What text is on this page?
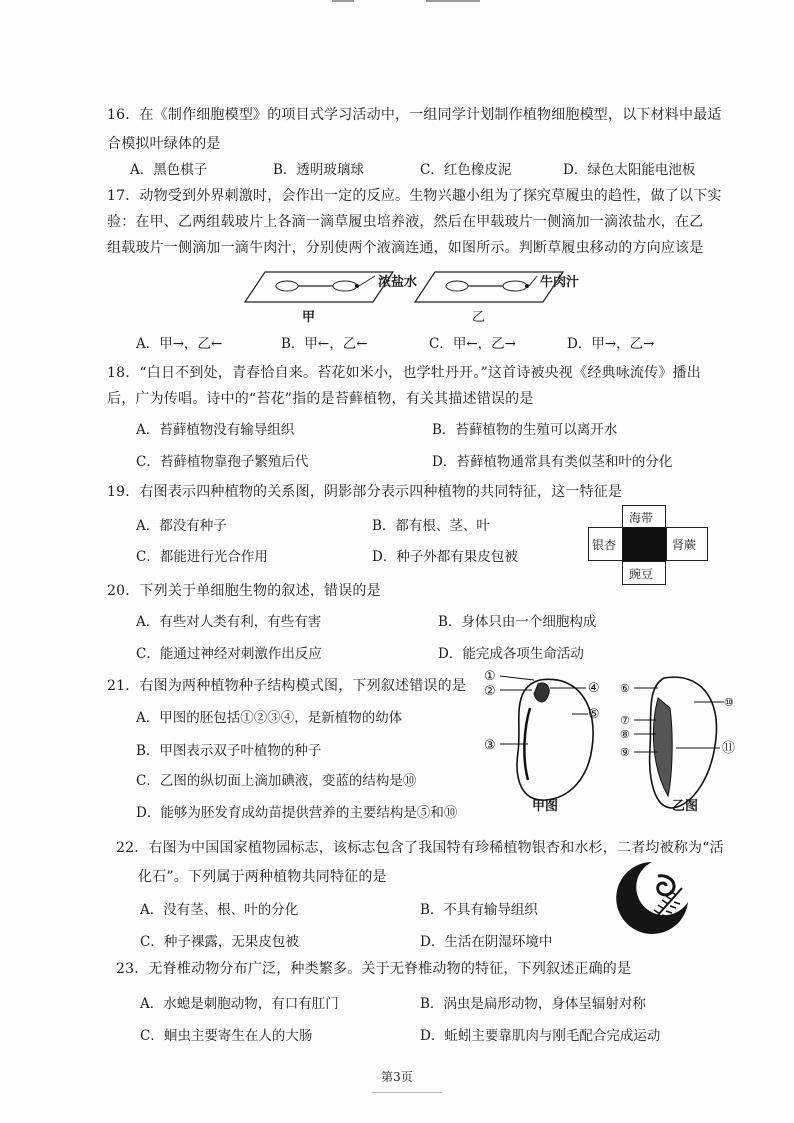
16．在《制作细胞模型》的项目式学习活动中，一组同学计划制作植物细胞模型，以下材料中最适
合模拟叶绿体的是
A．黑色棋子	B．透明玻璃球	C．红色橡皮泥	D．绿色太阳能电池板
17．动物受到外界刺激时，会作出一定的反应。生物兴趣小组为了探究草履虫的趋性，做了以下实
验：在甲、乙两组载玻片上各滴一滴草履虫培养液，然后在甲载玻片一侧滴加一滴浓盐水，在乙
组载玻片一侧滴加一滴牛肉汁，分别使两个液滴连通，如图所示。判断草履虫移动的方向应该是
浓盐水	牛肉汁
甲	乙
A．甲→，乙←	B．甲←，乙←	C．甲←，乙→	D．甲→，乙→
18．“白日不到处，青春恰自来。苔花如米小，也学牡丹开。”这首诗被央视《经典咏流传》播出
后，广为传唱。诗中的“苔花”指的是苔藓植物，有关其描述错误的是
A．苔藓植物没有输导组织	B．苔藓植物的生殖可以离开水
C．苔藓植物靠孢子繁殖后代	D．苔藓植物通常具有类似茎和叶的分化
19．右图表示四种植物的关系图，阴影部分表示四种植物的共同特征，这一特征是
A．都没有种子	B．都有根、茎、叶
C．都能进行光合作用	D．种子外都有果皮包被
海带
银杏	肾蕨
豌豆
20．下列关于单细胞生物的叙述，错误的是
A．有些对人类有利，有些有害	B．身体只由一个细胞构成
C．能通过神经对刺激作出反应	D．能完成各项生命活动
21．右图为两种植物种子结构模式图，下列叙述错误的是
A．甲图的胚包括①②③④，是新植物的幼体
B．甲图表示双子叶植物的种子
C．乙图的纵切面上滴加碘液，变蓝的结构是⑩
D．能够为胚发育成幼苗提供营养的主要结构是⑤和⑩
①
②
③
④
⑤
甲图
⑥
⑦
⑧
⑨
⑩
⑪
乙图
22．右图为中国国家植物园标志，该标志包含了我国特有珍稀植物银杏和水杉，二者均被称为“活
化石”。下列属于两种植物共同特征的是
A．没有茎、根、叶的分化	B．不具有输导组织
C．种子裸露，无果皮包被	D．生活在阴湿环境中
23．无脊椎动物分布广泛，种类繁多。关于无脊椎动物的特征，下列叙述正确的是
A．水螅是刺胞动物，有口有肛门	B．涡虫是扁形动物，身体呈辐射对称
C．蛔虫主要寄生在人的大肠	D．蚯蚓主要靠肌肉与刚毛配合完成运动
第3页
